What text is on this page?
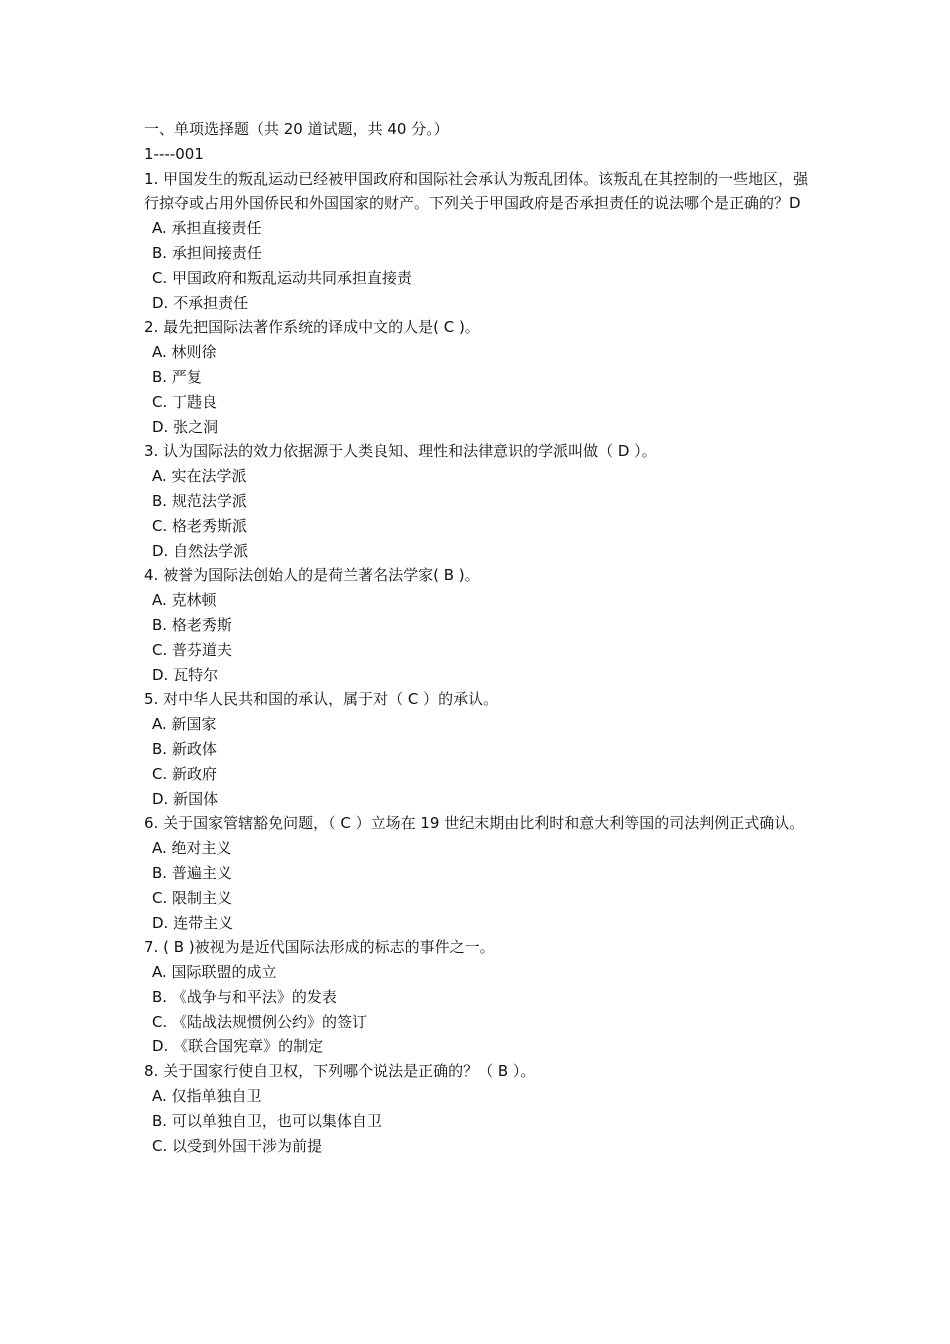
一、单项选择题（共 20 道试题，共 40 分。）
1----001
1. 甲国发生的叛乱运动已经被甲国政府和国际社会承认为叛乱团体。该叛乱在其控制的一些地区，强行掠夺或占用外国侨民和外国国家的财产。下列关于甲国政府是否承担责任的说法哪个是正确的？D
A. 承担直接责任
B. 承担间接责任
C. 甲国政府和叛乱运动共同承担直接责
D. 不承担责任
2. 最先把国际法著作系统的译成中文的人是( C )。
A. 林则徐
B. 严复
C. 丁韪良
D. 张之洞
3. 认为国际法的效力依据源于人类良知、理性和法律意识的学派叫做（ D ）。
A. 实在法学派
B. 规范法学派
C. 格老秀斯派
D. 自然法学派
4. 被誉为国际法创始人的是荷兰著名法学家( B )。
A. 克林顿
B. 格老秀斯
C. 普芬道夫
D. 瓦特尔
5. 对中华人民共和国的承认，属于对（ C ）的承认。
A. 新国家
B. 新政体
C. 新政府
D. 新国体
6. 关于国家管辖豁免问题，（ C ）立场在 19 世纪末期由比利时和意大利等国的司法判例正式确认。
A. 绝对主义
B. 普遍主义
C. 限制主义
D. 连带主义
7. ( B )被视为是近代国际法形成的标志的事件之一。
A. 国际联盟的成立
B. 《战争与和平法》的发表
C. 《陆战法规惯例公约》的签订
D. 《联合国宪章》的制定
8. 关于国家行使自卫权，下列哪个说法是正确的？（ B ）。
A. 仅指单独自卫
B. 可以单独自卫，也可以集体自卫
C. 以受到外国干涉为前提
